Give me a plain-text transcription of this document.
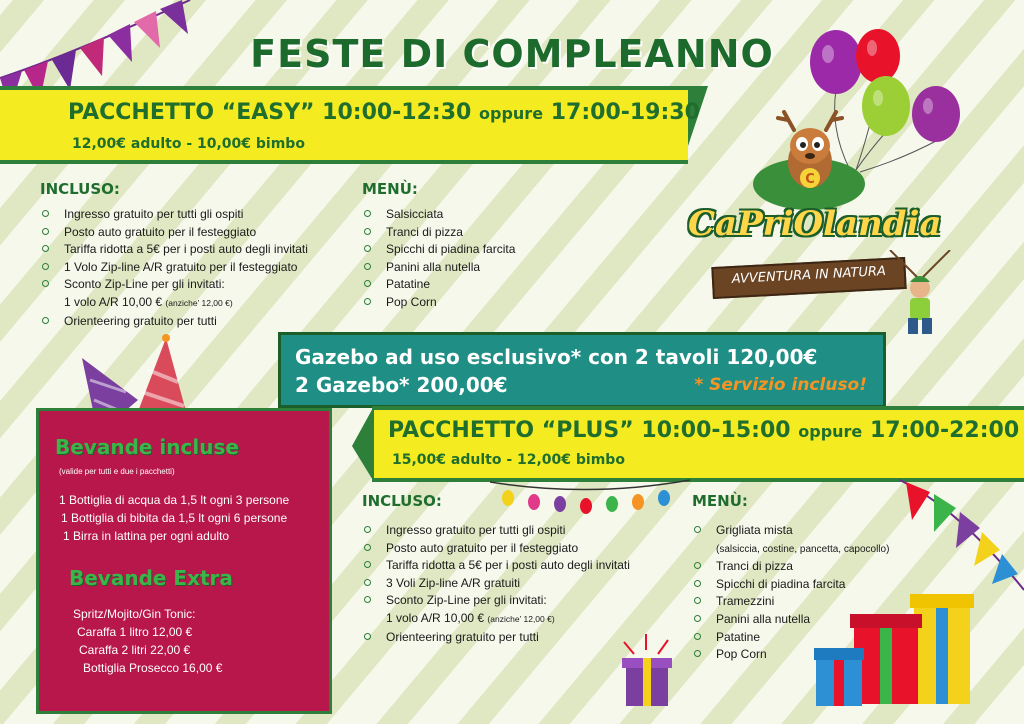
FESTE DI COMPLEANNO
PACCHETTO “EASY” 10:00-12:30 oppure 17:00-19:30
12,00€ adulto - 10,00€ bimbo
INCLUSO:
Ingresso gratuito per tutti gli ospiti
Posto auto gratuito per il festeggiato
Tariffa ridotta a 5€ per i posti auto degli invitati
1 Volo Zip-line A/R gratuito per il festeggiato
Sconto Zip-Line per gli invitati:
1 volo A/R 10,00 € (anziche’ 12,00 €)
Orienteering gratuito per tutti
MENÙ:
Salsicciata
Tranci di pizza
Spicchi di piadina farcita
Panini alla nutella
Patatine
Pop Corn
C
CaPriOlandia
AVVENTURA IN NATURA
Gazebo ad uso esclusivo* con 2 tavoli 120,00€
2 Gazebo* 200,00€	* Servizio incluso!
PACCHETTO “PLUS” 10:00-15:00 oppure 17:00-22:00
15,00€ adulto - 12,00€ bimbo
Bevande incluse
(valide per tutti e due i pacchetti)
1 Bottiglia di acqua da 1,5 lt ogni 3 persone
1 Bottiglia di bibita da 1,5 lt ogni 6 persone
1 Birra in lattina per ogni adulto
Bevande Extra
Spritz/Mojito/Gin Tonic:
Caraffa 1 litro 12,00 €
Caraffa 2 litri 22,00 €
Bottiglia Prosecco 16,00 €
INCLUSO:
Ingresso gratuito per tutti gli ospiti
Posto auto gratuito per il festeggiato
Tariffa ridotta a 5€ per i posti auto degli invitati
3 Voli Zip-line A/R gratuiti
Sconto Zip-Line per gli invitati:
1 volo A/R 10,00 € (anziche’ 12,00 €)
Orienteering gratuito per tutti
MENÙ:
Grigliata mista
(salsiccia, costine, pancetta, capocollo)
Tranci di pizza
Spicchi di piadina farcita
Tramezzini
Panini alla nutella
Patatine
Pop Corn
